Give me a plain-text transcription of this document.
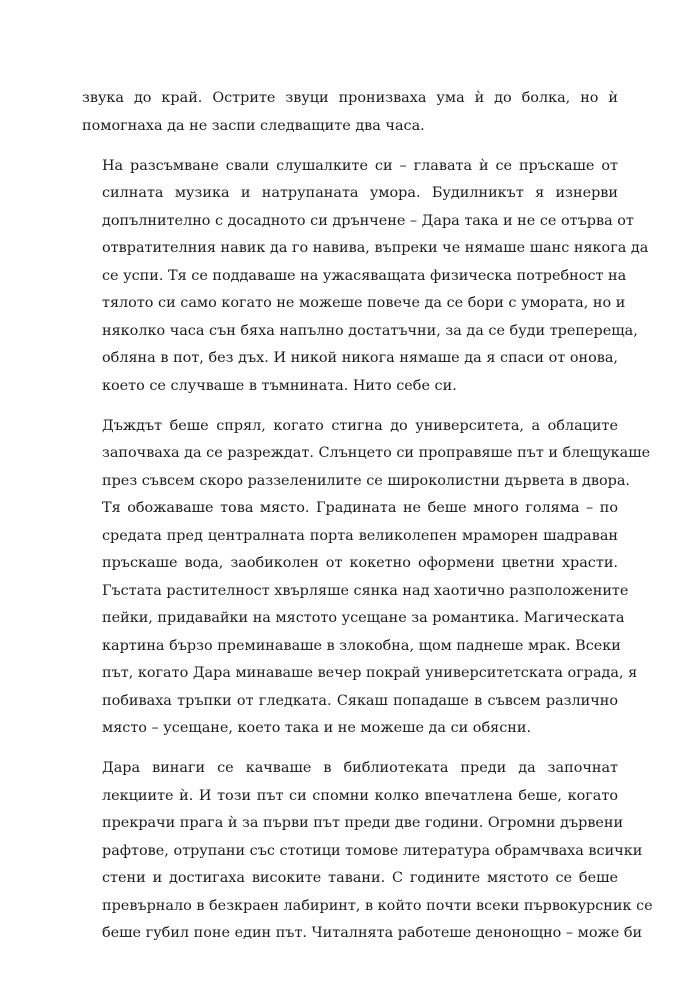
звука до край. Острите звуци пронизваха ума ѝ до болка, но ѝ
помогнаха да не заспи следващите два часа.

На разсъмване свали слушалките си – главата ѝ се пръскаше от
силната музика и натрупаната умора. Будилникът я изнерви
допълнително с досадното си дрънчене – Дара така и не се отърва от
отвратителния навик да го навива, въпреки че нямаше шанс някога да
се успи. Тя се поддаваше на ужасяващата физическа потребност на
тялото си само когато не можеше повече да се бори с умората, но и
няколко часа сън бяха напълно достатъчни, за да се буди трепереща,
обляна в пот, без дъх. И никой никога нямаше да я спаси от онова,
което се случваше в тъмнината. Нито себе си.

Дъждът беше спрял, когато стигна до университета, а облаците
започваха да се разреждат. Слънцето си проправяше път и блещукаше
през съвсем скоро раззеленилите се широколистни дървета в двора.
Тя обожаваше това място. Градината не беше много голяма – по
средата пред централната порта великолепен мраморен шадраван
пръскаше вода, заобиколен от кокетно оформени цветни храсти.
Гъстата растителност хвърляше сянка над хаотично разположените
пейки, придавайки на мястото усещане за романтика. Магическата
картина бързо преминаваше в злокобна, щом паднеше мрак. Всеки
път, когато Дара минаваше вечер покрай университетската ограда, я
побиваха тръпки от гледката. Сякаш попадаше в съвсем различно
място – усещане, което така и не можеше да си обясни.

Дара винаги се качваше в библиотеката преди да започнат
лекциите ѝ. И този път си спомни колко впечатлена беше, когато
прекрачи прага ѝ за първи път преди две години. Огромни дървени
рафтове, отрупани със стотици томове литература обрамчваха всички
стени и достигаха високите тавани. С годините мястото се беше
превърнало в безкраен лабиринт, в който почти всеки първокурсник се
беше губил поне един път. Читалнята работеше денонощно – може би
